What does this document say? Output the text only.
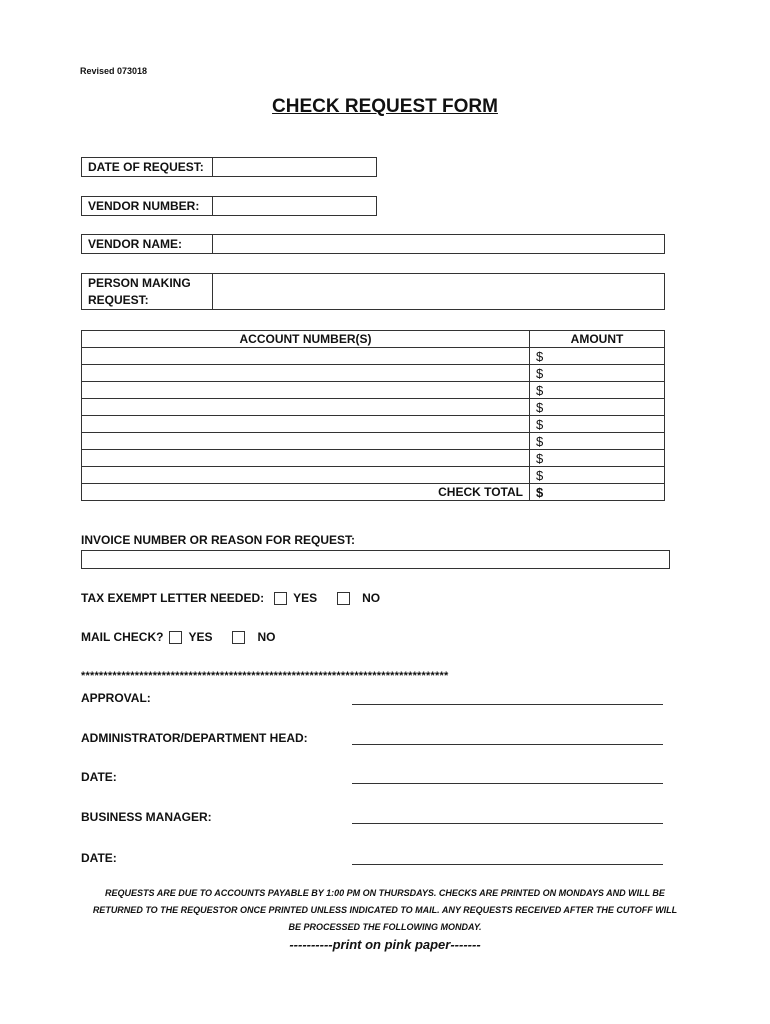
Revised 073018
CHECK REQUEST FORM
DATE OF REQUEST:
VENDOR NUMBER:
VENDOR NAME:
PERSON MAKING
REQUEST:
ACCOUNT NUMBER(S)	AMOUNT
	$
	$
	$
	$
	$
	$
	$
	$
CHECK TOTAL	$
INVOICE NUMBER OR REASON FOR REQUEST:
TAX EXEMPT LETTER NEEDED: YES	NO
MAIL CHECK? YES	NO
**********************************************************************************
APPROVAL:
ADMINISTRATOR/DEPARTMENT HEAD:
DATE:
BUSINESS MANAGER:
DATE:
REQUESTS ARE DUE TO ACCOUNTS PAYABLE BY 1:00 PM ON THURSDAYS. CHECKS ARE PRINTED ON MONDAYS AND WILL BE
RETURNED TO THE REQUESTOR ONCE PRINTED UNLESS INDICATED TO MAIL. ANY REQUESTS RECEIVED AFTER THE CUTOFF WILL
BE PROCESSED THE FOLLOWING MONDAY.
----------print on pink paper-------
